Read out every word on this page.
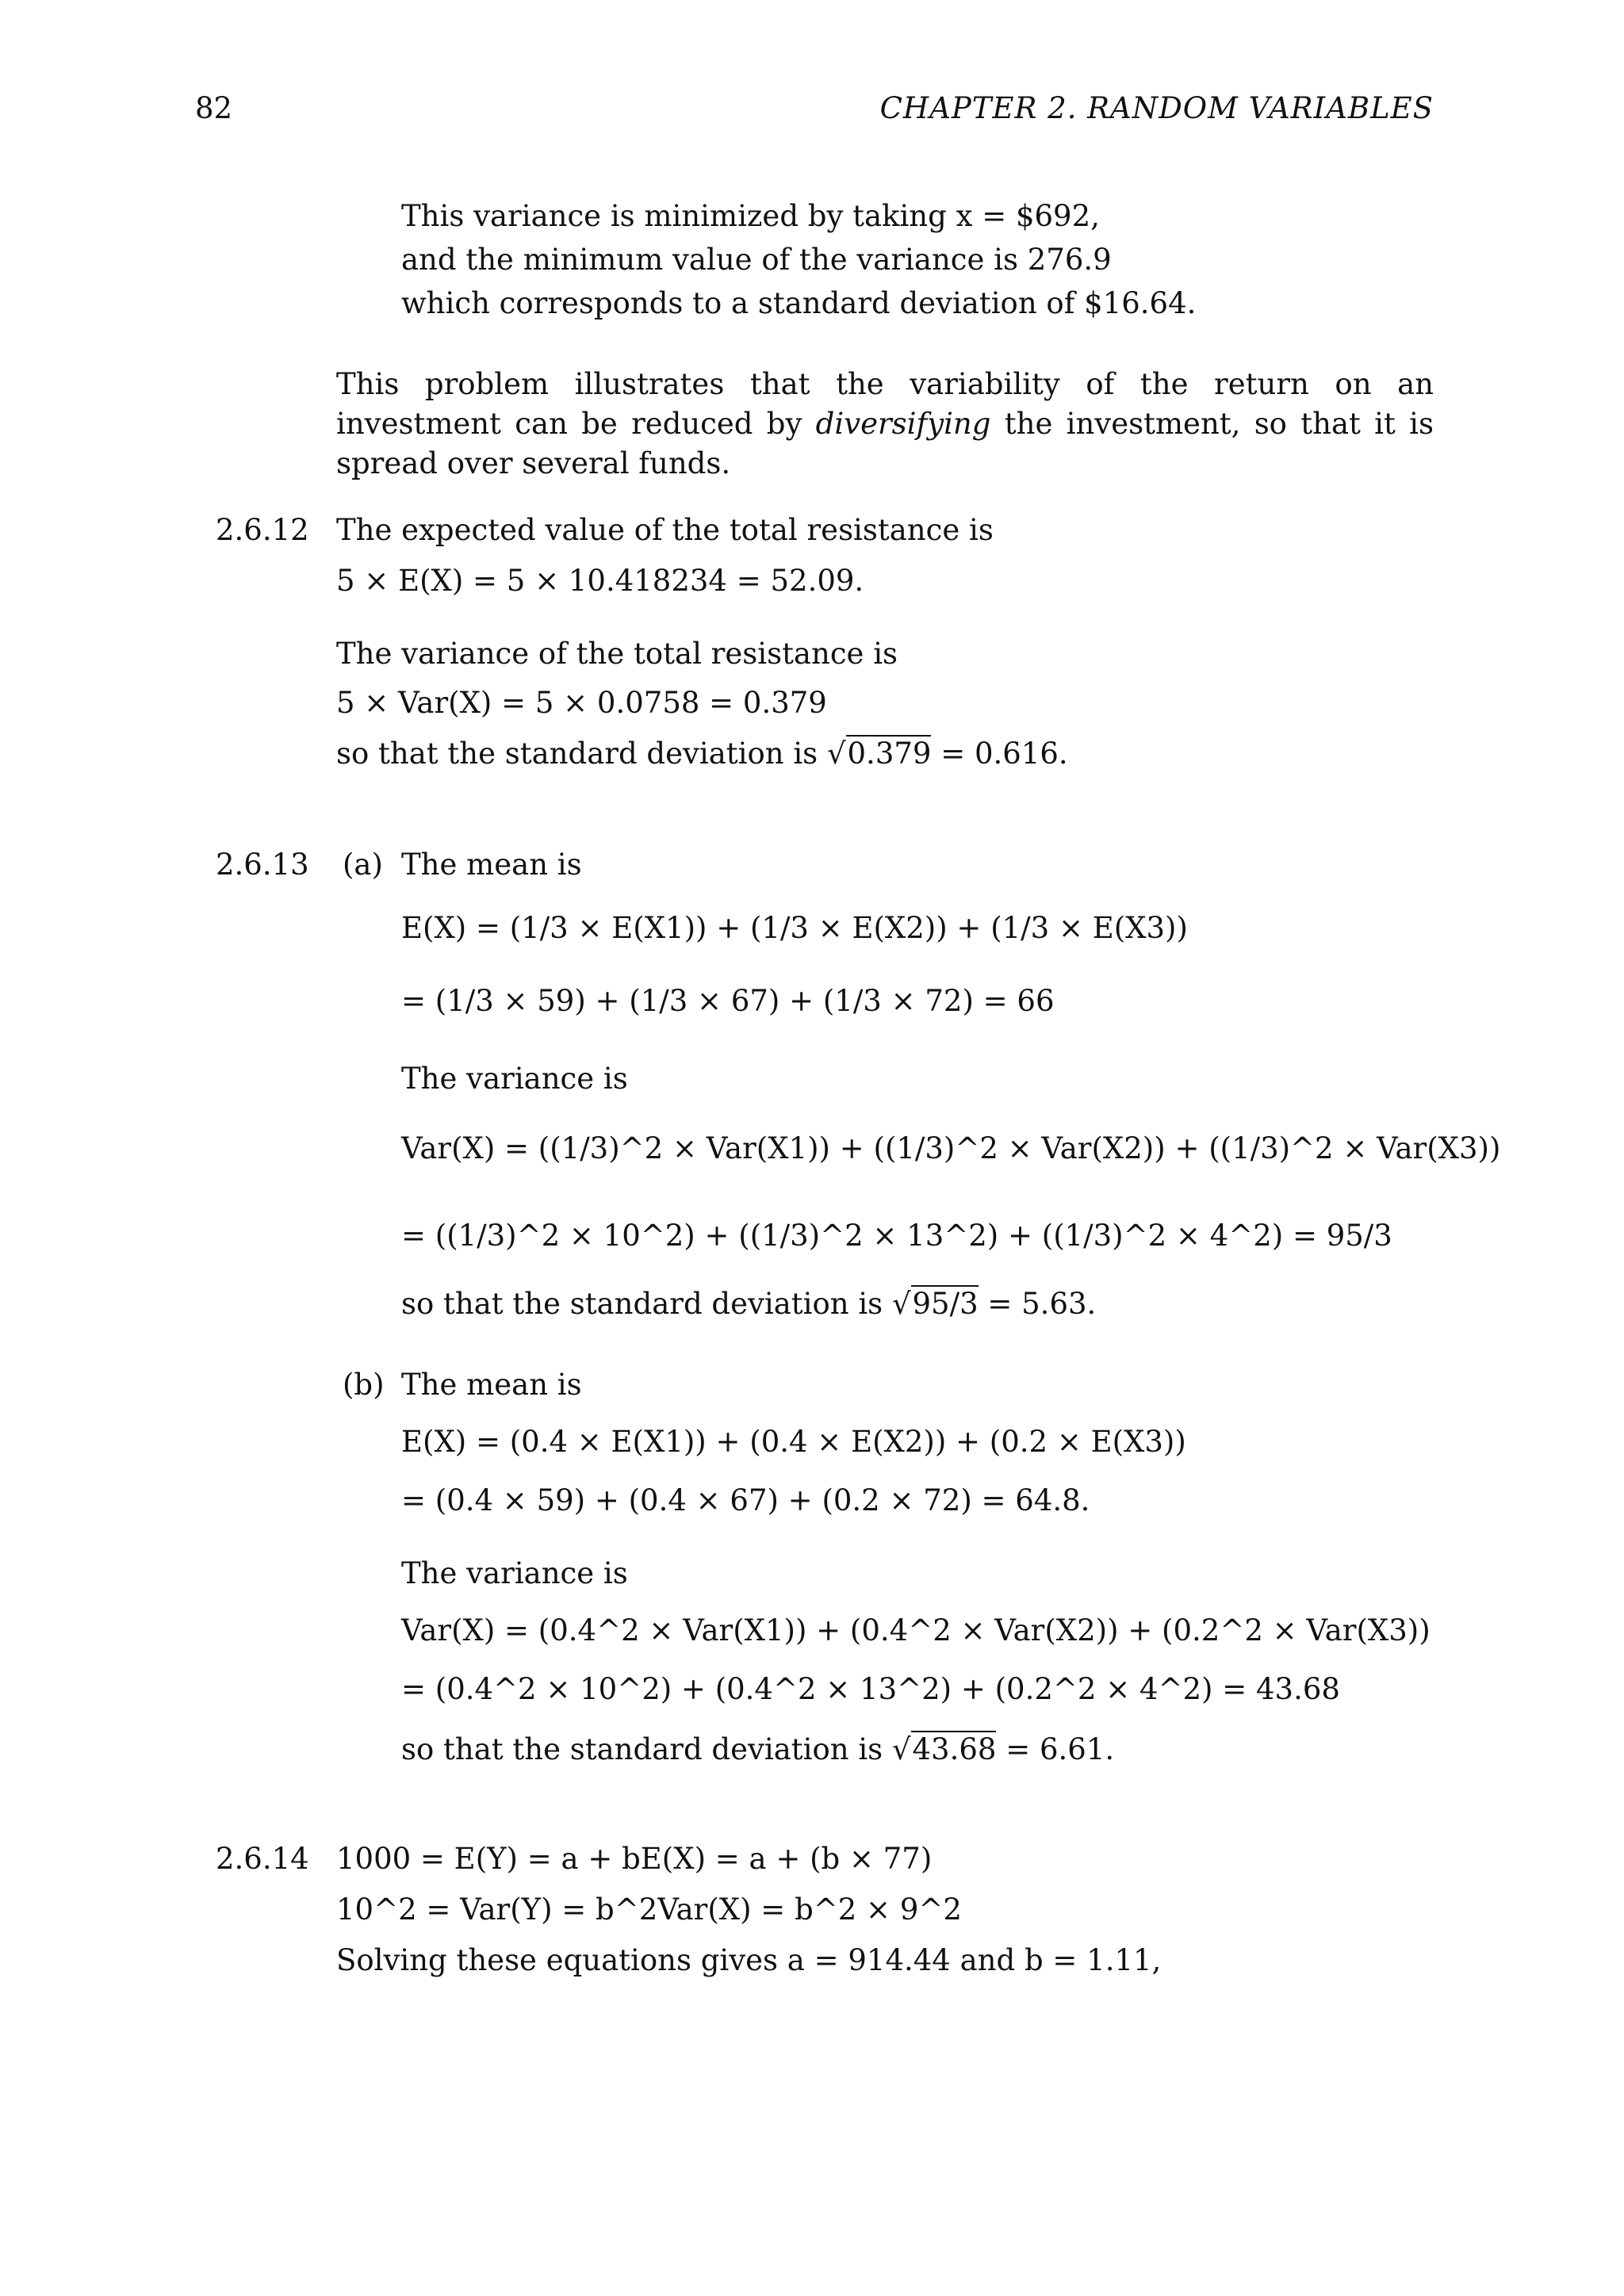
82	CHAPTER 2. RANDOM VARIABLES
This variance is minimized by taking x = $692,
and the minimum value of the variance is 276.9
which corresponds to a standard deviation of $16.64.
This problem illustrates that the variability of the return on an investment can be reduced by diversifying the investment, so that it is spread over several funds.
2.6.12 The expected value of the total resistance is
5 × E(X) = 5 × 10.418234 = 52.09.
The variance of the total resistance is
5 × Var(X) = 5 × 0.0758 = 0.379
so that the standard deviation is √0.379 = 0.616.
2.6.13 (a) The mean is
E(X) = (1/3 × E(X1)) + (1/3 × E(X2)) + (1/3 × E(X3))
= (1/3 × 59) + (1/3 × 67) + (1/3 × 72) = 66
The variance is
Var(X) = ((1/3)^2 × Var(X1)) + ((1/3)^2 × Var(X2)) + ((1/3)^2 × Var(X3))
= ((1/3)^2 × 10^2) + ((1/3)^2 × 13^2) + ((1/3)^2 × 4^2) = 95/3
so that the standard deviation is √95/3 = 5.63.
(b) The mean is
E(X) = (0.4 × E(X1)) + (0.4 × E(X2)) + (0.2 × E(X3))
= (0.4 × 59) + (0.4 × 67) + (0.2 × 72) = 64.8.
The variance is
Var(X) = (0.4^2 × Var(X1)) + (0.4^2 × Var(X2)) + (0.2^2 × Var(X3))
= (0.4^2 × 10^2) + (0.4^2 × 13^2) + (0.2^2 × 4^2) = 43.68
so that the standard deviation is √43.68 = 6.61.
2.6.14 1000 = E(Y) = a + bE(X) = a + (b × 77)
10^2 = Var(Y) = b^2Var(X) = b^2 × 9^2
Solving these equations gives a = 914.44 and b = 1.11,
